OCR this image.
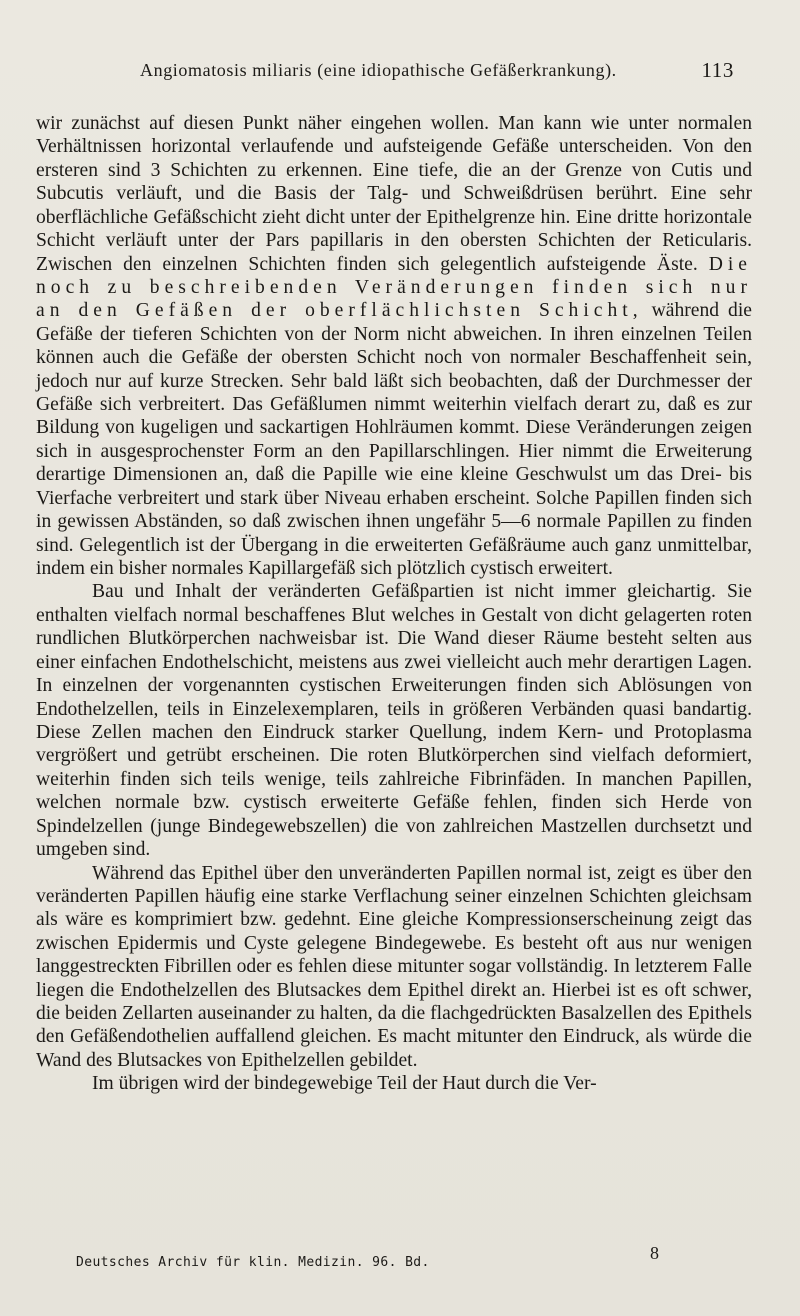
Angiomatosis miliaris (eine idiopathische Gefäßerkrankung).	113

wir zunächst auf diesen Punkt näher eingehen wollen. Man kann wie unter normalen Verhältnissen horizontal verlaufende und aufsteigende Gefäße unterscheiden. Von den ersteren sind 3 Schichten zu erkennen. Eine tiefe, die an der Grenze von Cutis und Subcutis verläuft, und die Basis der Talg- und Schweißdrüsen berührt. Eine sehr oberflächliche Gefäßschicht zieht dicht unter der Epithelgrenze hin. Eine dritte horizontale Schicht verläuft unter der Pars papillaris in den obersten Schichten der Reticularis. Zwischen den einzelnen Schichten finden sich gelegentlich aufsteigende Äste. Die noch zu beschreibenden Veränderungen finden sich nur an den Gefäßen der oberflächlichsten Schicht, während die Gefäße der tieferen Schichten von der Norm nicht abweichen. In ihren einzelnen Teilen können auch die Gefäße der obersten Schicht noch von normaler Beschaffenheit sein, jedoch nur auf kurze Strecken. Sehr bald läßt sich beobachten, daß der Durchmesser der Gefäße sich verbreitert. Das Gefäßlumen nimmt weiterhin vielfach derart zu, daß es zur Bildung von kugeligen und sackartigen Hohlräumen kommt. Diese Veränderungen zeigen sich in ausgesprochenster Form an den Papillarschlingen. Hier nimmt die Erweiterung derartige Dimensionen an, daß die Papille wie eine kleine Geschwulst um das Drei- bis Vierfache verbreitert und stark über Niveau erhaben erscheint. Solche Papillen finden sich in gewissen Abständen, so daß zwischen ihnen ungefähr 5—6 normale Papillen zu finden sind. Gelegentlich ist der Übergang in die erweiterten Gefäßräume auch ganz unmittelbar, indem ein bisher normales Kapillargefäß sich plötzlich cystisch erweitert.

Bau und Inhalt der veränderten Gefäßpartien ist nicht immer gleichartig. Sie enthalten vielfach normal beschaffenes Blut welches in Gestalt von dicht gelagerten roten rundlichen Blutkörperchen nachweisbar ist. Die Wand dieser Räume besteht selten aus einer einfachen Endothelschicht, meistens aus zwei vielleicht auch mehr derartigen Lagen. In einzelnen der vorgenannten cystischen Erweiterungen finden sich Ablösungen von Endothelzellen, teils in Einzelexemplaren, teils in größeren Verbänden quasi bandartig. Diese Zellen machen den Eindruck starker Quellung, indem Kern- und Protoplasma vergrößert und getrübt erscheinen. Die roten Blutkörperchen sind vielfach deformiert, weiterhin finden sich teils wenige, teils zahlreiche Fibrinfäden. In manchen Papillen, welchen normale bzw. cystisch erweiterte Gefäße fehlen, finden sich Herde von Spindelzellen (junge Bindegewebszellen) die von zahlreichen Mastzellen durchsetzt und umgeben sind.

Während das Epithel über den unveränderten Papillen normal ist, zeigt es über den veränderten Papillen häufig eine starke Verflachung seiner einzelnen Schichten gleichsam als wäre es komprimiert bzw. gedehnt. Eine gleiche Kompressionserscheinung zeigt das zwischen Epidermis und Cyste gelegene Bindegewebe. Es besteht oft aus nur wenigen langgestreckten Fibrillen oder es fehlen diese mitunter sogar vollständig. In letzterem Falle liegen die Endothelzellen des Blutsackes dem Epithel direkt an. Hierbei ist es oft schwer, die beiden Zellarten auseinander zu halten, da die flachgedrückten Basalzellen des Epithels den Gefäßendothelien auffallend gleichen. Es macht mitunter den Eindruck, als würde die Wand des Blutsackes von Epithelzellen gebildet.

Im übrigen wird der bindegewebige Teil der Haut durch die Ver-

Deutsches Archiv für klin. Medizin. 96. Bd.	8
